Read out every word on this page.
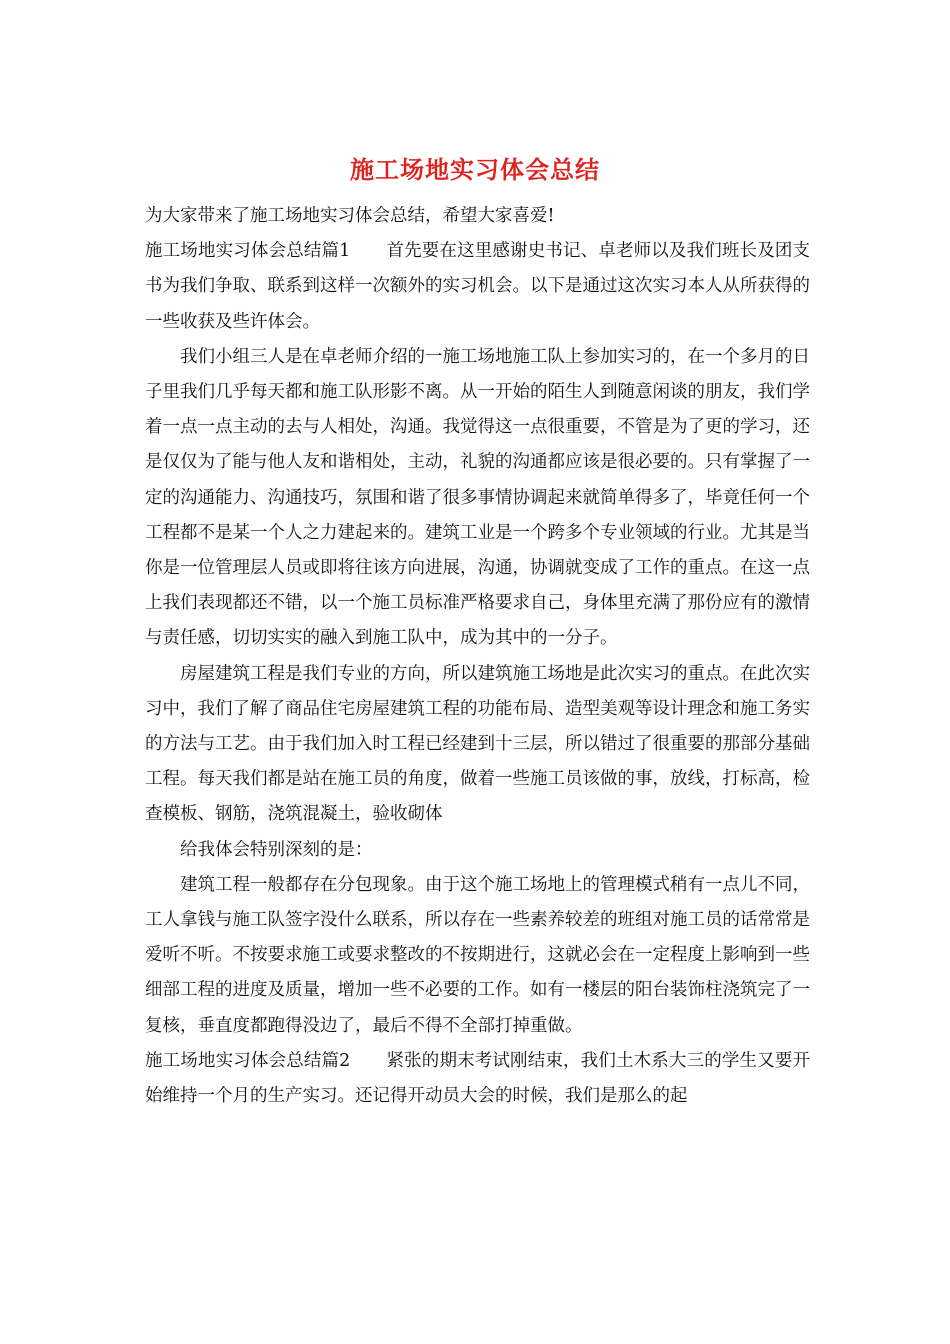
施工场地实习体会总结

为大家带来了施工场地实习体会总结，希望大家喜爱!

施工场地实习体会总结篇1 首先要在这里感谢史书记、卓老师以及我们班长及团支书为我们争取、联系到这样一次额外的实习机会。以下是通过这次实习本人从所获得的一些收获及些许体会。

我们小组三人是在卓老师介绍的一施工场地施工队上参加实习的，在一个多月的日子里我们几乎每天都和施工队形影不离。从一开始的陌生人到随意闲谈的朋友，我们学着一点一点主动的去与人相处，沟通。我觉得这一点很重要，不管是为了更的学习，还是仅仅为了能与他人友和谐相处，主动，礼貌的沟通都应该是很必要的。只有掌握了一定的沟通能力、沟通技巧，氛围和谐了很多事情协调起来就简单得多了，毕竟任何一个工程都不是某一个人之力建起来的。建筑工业是一个跨多个专业领域的行业。尤其是当你是一位管理层人员或即将往该方向进展，沟通，协调就变成了工作的重点。在这一点上我们表现都还不错，以一个施工员标准严格要求自己，身体里充满了那份应有的激情与责任感，切切实实的融入到施工队中，成为其中的一分子。

房屋建筑工程是我们专业的方向，所以建筑施工场地是此次实习的重点。在此次实习中，我们了解了商品住宅房屋建筑工程的功能布局、造型美观等设计理念和施工务实的方法与工艺。由于我们加入时工程已经建到十三层，所以错过了很重要的那部分基础工程。每天我们都是站在施工员的角度，做着一些施工员该做的事，放线，打标高，检查模板、钢筋，浇筑混凝土，验收砌体

给我体会特别深刻的是：

建筑工程一般都存在分包现象。由于这个施工场地上的管理模式稍有一点儿不同，工人拿钱与施工队签字没什么联系，所以存在一些素养较差的班组对施工员的话常常是爱听不听。不按要求施工或要求整改的不按期进行，这就必会在一定程度上影响到一些细部工程的进度及质量，增加一些不必要的工作。如有一楼层的阳台装饰柱浇筑完了一复核，垂直度都跑得没边了，最后不得不全部打掉重做。

施工场地实习体会总结篇2 紧张的期末考试刚结束，我们土木系大三的学生又要开始维持一个月的生产实习。还记得开动员大会的时候，我们是那么的起
